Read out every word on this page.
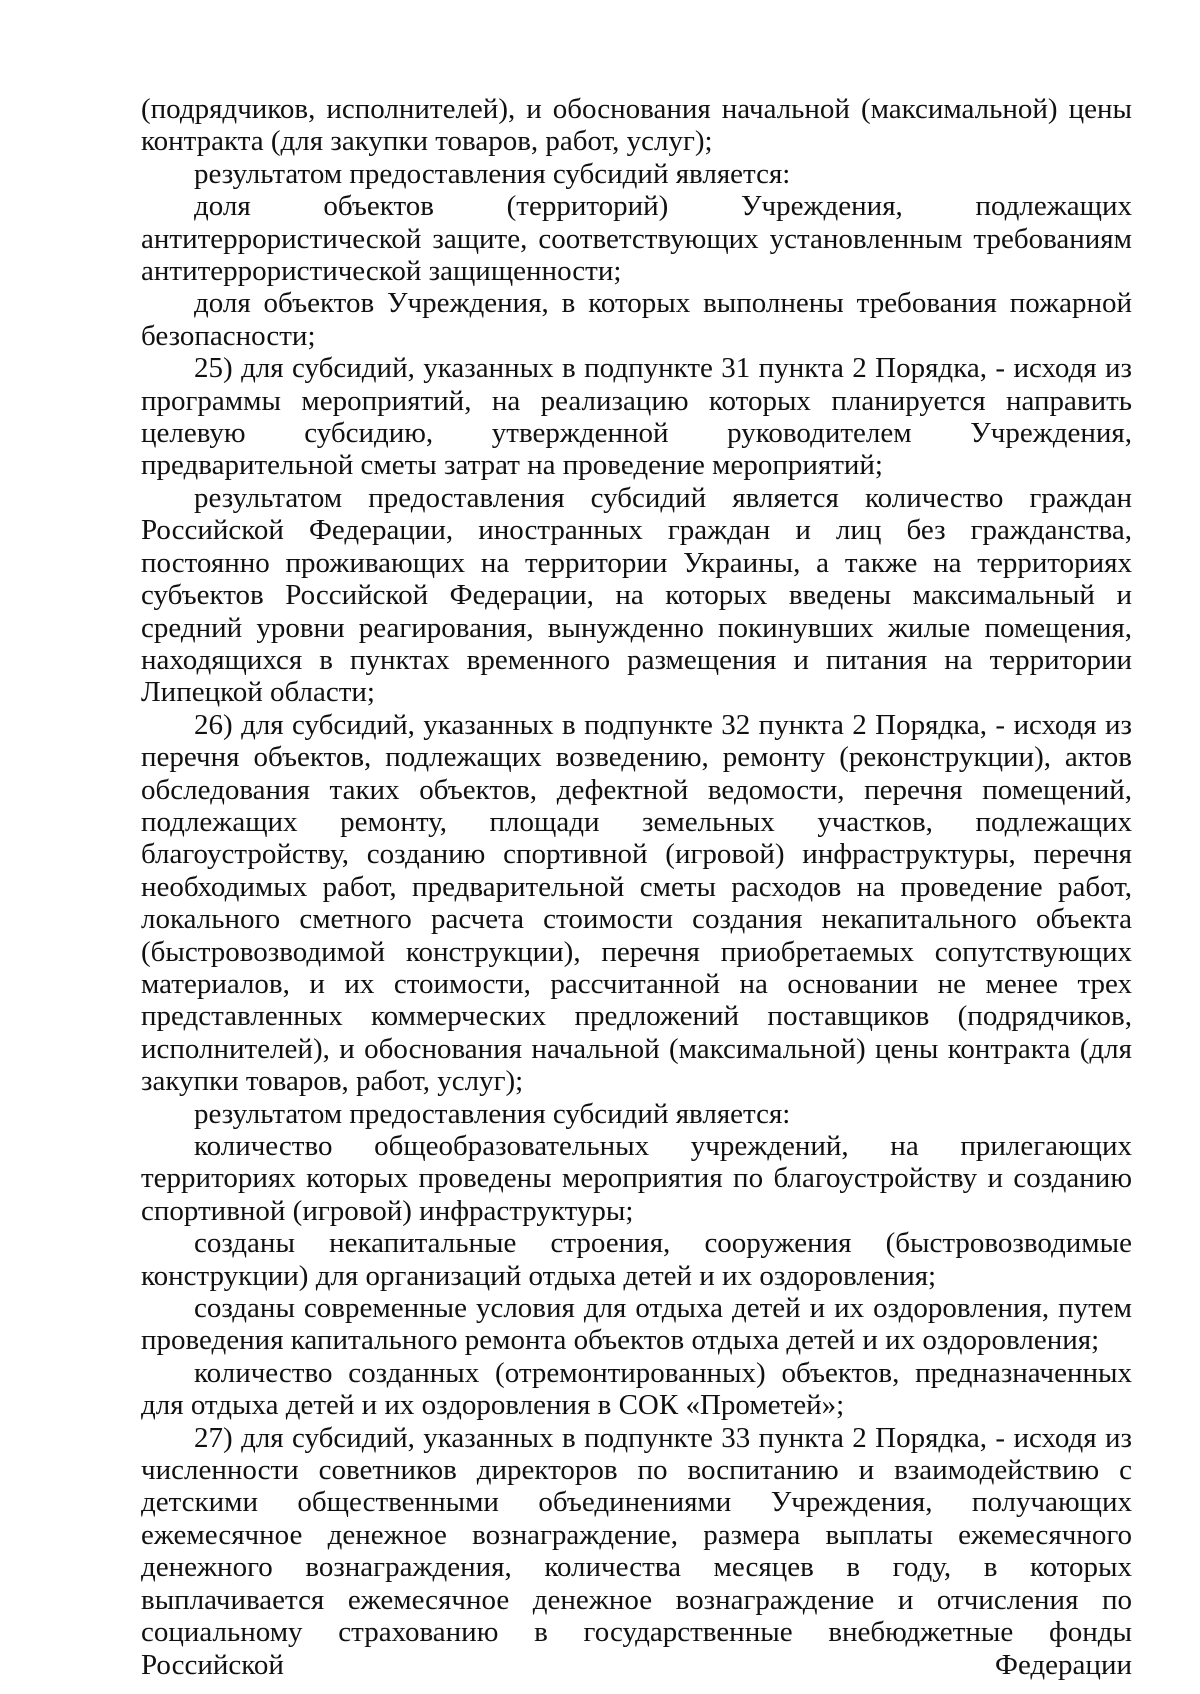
(подрядчиков, исполнителей), и обоснования начальной (максимальной) цены контракта (для закупки товаров, работ, услуг);

результатом предоставления субсидий является:

доля объектов (территорий) Учреждения, подлежащих антитеррористической защите, соответствующих установленным требованиям антитеррористической защищенности;

доля объектов Учреждения, в которых выполнены требования пожарной безопасности;

25) для субсидий, указанных в подпункте 31 пункта 2 Порядка, - исходя из программы мероприятий, на реализацию которых планируется направить целевую субсидию, утвержденной руководителем Учреждения, предварительной сметы затрат на проведение мероприятий;

результатом предоставления субсидий является количество граждан Российской Федерации, иностранных граждан и лиц без гражданства, постоянно проживающих на территории Украины, а также на территориях субъектов Российской Федерации, на которых введены максимальный и средний уровни реагирования, вынужденно покинувших жилые помещения, находящихся в пунктах временного размещения и питания на территории Липецкой области;

26) для субсидий, указанных в подпункте 32 пункта 2 Порядка, - исходя из перечня объектов, подлежащих возведению, ремонту (реконструкции), актов обследования таких объектов, дефектной ведомости, перечня помещений, подлежащих ремонту, площади земельных участков, подлежащих благоустройству, созданию спортивной (игровой) инфраструктуры, перечня необходимых работ, предварительной сметы расходов на проведение работ, локального сметного расчета стоимости создания некапитального объекта (быстровозводимой конструкции), перечня приобретаемых сопутствующих материалов, и их стоимости, рассчитанной на основании не менее трех представленных коммерческих предложений поставщиков (подрядчиков, исполнителей), и обоснования начальной (максимальной) цены контракта (для закупки товаров, работ, услуг);

результатом предоставления субсидий является:

количество общеобразовательных учреждений, на прилегающих территориях которых проведены мероприятия по благоустройству и созданию спортивной (игровой) инфраструктуры;

созданы некапитальные строения, сооружения (быстровозводимые конструкции) для организаций отдыха детей и их оздоровления;

созданы современные условия для отдыха детей и их оздоровления, путем проведения капитального ремонта объектов отдыха детей и их оздоровления;

количество созданных (отремонтированных) объектов, предназначенных для отдыха детей и их оздоровления в СОК «Прометей»;

27) для субсидий, указанных в подпункте 33 пункта 2 Порядка, - исходя из численности советников директоров по воспитанию и взаимодействию с детскими общественными объединениями Учреждения, получающих ежемесячное денежное вознаграждение, размера выплаты ежемесячного денежного вознаграждения, количества месяцев в году, в которых выплачивается ежемесячное денежное вознаграждение и отчисления по социальному страхованию в государственные внебюджетные фонды Российской Федерации
